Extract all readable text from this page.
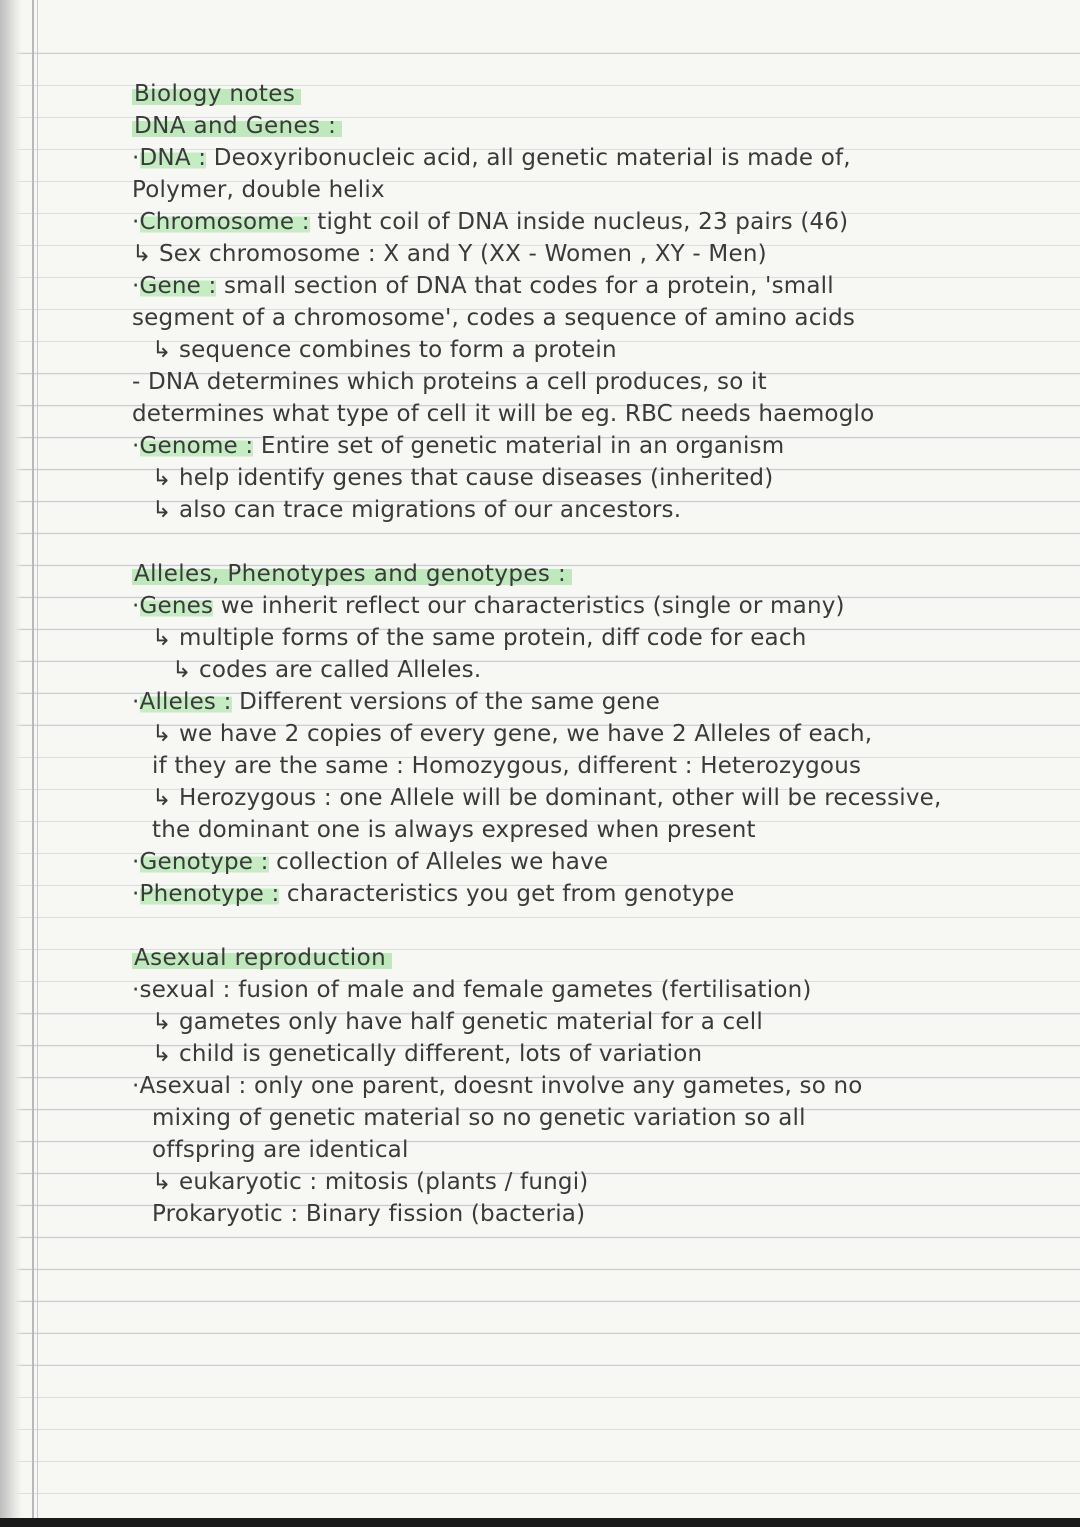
Biology notes
DNA and Genes :
·DNA : Deoxyribonucleic acid, all genetic material is made of,
Polymer, double helix
·Chromosome : tight coil of DNA inside nucleus, 23 pairs (46)
↳ Sex chromosome : X and Y (XX - Women , XY - Men)
·Gene : small section of DNA that codes for a protein, 'small
segment of a chromosome', codes a sequence of amino acids
↳ sequence combines to form a protein
- DNA determines which proteins a cell produces, so it
determines what type of cell it will be eg. RBC needs haemoglo
·Genome : Entire set of genetic material in an organism
↳ help identify genes that cause diseases (inherited)
↳ also can trace migrations of our ancestors.
Alleles, Phenotypes and genotypes :
·Genes we inherit reflect our characteristics (single or many)
↳ multiple forms of the same protein, diff code for each
↳ codes are called Alleles.
·Alleles : Different versions of the same gene
↳ we have 2 copies of every gene, we have 2 Alleles of each,
if they are the same : Homozygous, different : Heterozygous
↳ Herozygous : one Allele will be dominant, other will be recessive,
the dominant one is always expresed when present
·Genotype : collection of Alleles we have
·Phenotype : characteristics you get from genotype
Asexual reproduction
·sexual : fusion of male and female gametes (fertilisation)
↳ gametes only have half genetic material for a cell
↳ child is genetically different, lots of variation
·Asexual : only one parent, doesnt involve any gametes, so no
mixing of genetic material so no genetic variation so all
offspring are identical
↳ eukaryotic : mitosis (plants / fungi)
Prokaryotic : Binary fission (bacteria)
